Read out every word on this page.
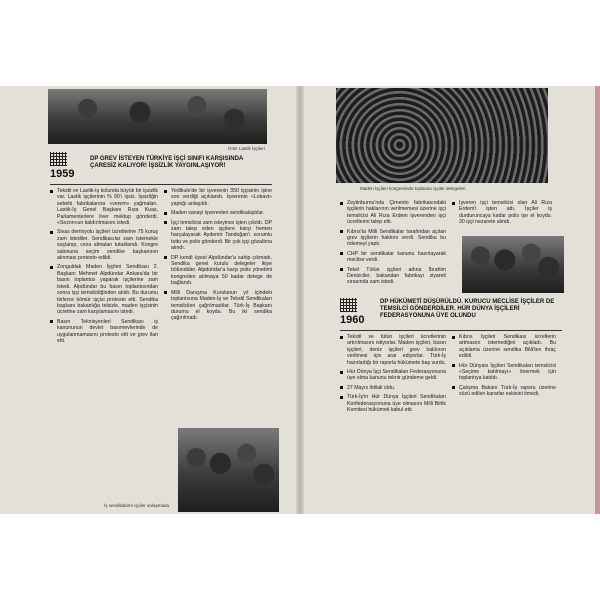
İzmir Lastik İşçileri
1959
DP GREV İSTEYEN TÜRKİYE İŞÇİ SINIFI KARŞISINDA ÇARESİZ KALIYOR! İŞSİZLİK YAYGINLAŞIYOR!
Tekstil ve Lastik-İş kolunda büyük bir işsizlik var. Lastik işçilerinin % 90'ı işsiz. İşsizliğin sebebi fabrikalarına «verem» yağmaları. Lastik-İş Genel Başkanı Rıza Kuas, Parlamenterlere liver mektup gönderdi. «Sezon»un kaldırılmasını istedi.
Sivas demiryolu işçileri ücretlerine 75 kuruş zam istediler. Sendikacılar zam istemekle suçlanıp, ceza almaları tutuklandı. Kongre salonuna seçim sendike başkanının alınması protesto edildi.
Zonguldak Maden İşçileri Sendikası 2. Başkanı Mehmet Alpdündar Ankara'da bir basın toplantısı yaparak işçilerine zam istedi. Alpdündar bu basın toplantısından sonra işçi temsilciliğinden atıldı. Bu durumu birlerce kömür işçisi protesto etti. Sendika başkanı bakanlığa telsizle, maden işçisinin ücretine zam karşılamasını istedi.
Basın Teknisyenleri Sendikası iş kanununun devlet basımevlerinde de uygulanmamasını protesto etti ve grev ilan etti.
Yedikule'de bir işverenin 350 işçisinin işine son verdiği açıklandı. İşverenin «Lokavt» yaptığı anlaşıldı.
Maden sanayi işverenleri sendikalaştılar.
İşçi temsilcisi zam isteyince işten çıkıldı. DP zam talep eden işçilere karşı hemen harçalayarak Aydemir Tandoğan'ı sorumlu tuttu ve polis gönderdi. Bir çok işçi gözaltına alındı.
DP kendi üyesi Alpdündar'a sahip çıkmadı. Sendika genel kurulu delegeler ikiye bölündüler. Alpdündar'a karşı polis yönetimi kongreden atılmaya 50 kadar delege de bağlandı.
Milli Danışma Kurulunun yıl içindeki toplantısına Maden-İş ve Tekstil Sendikaları temsilcileri çağrılmadılar. Türk-İş Başkanı durumu el koydu. Bu iki sendika çağırılmadı.
İş sendikaların işçiler anlaşmada
Maden İşçileri kongresinde toplanan işçiler delegeleri
Zeytinburnu'nda Çimento fabrikasındaki işçilerin haklarının verilmemesi üzerine işçi temsilcisi Ali Rıza Erdem işverenden işçi ücretlerini talep etti.
Kıbrıs'ta Milli Sendikalar tarafından açılan grev işçilerin hakkını verdi. Sendika bu ödemeyi yaptı.
CHP bir sendikalar kanunu hazırlayarak meclise verdi.
Tekel Tütün işçileri adına İbrahim Denizciler, bakandan fabrikayı ziyareti sırasında zam istedi.
İşveren işçi temsilcisi olan Ali Rıza Erdem'i işten attı. İşçiler iş durduruncaya kadar polis işe el koydu. 30 işçi nezarete alındı.
1960
DP HÜKÜMETİ DÜŞÜRÜLDÜ. KURUCU MECLİSE İŞÇİLER DE TEMSİLCİ GÖNDERDİLER. HÜR DÜNYA İŞÇİLERİ FEDERASYONUNA ÜYE OLUNDU
Tekstil ve tütün işçileri ücretlerinin artırılmasını istiyorlar. Maden işçileri, basın işçileri, deniz işçileri grev hakkının verilmesi için arar ediyorlar. Türk-İş hazırladığı bir raporla hükümete baş vurdu.
Hür Dünya İşçi Sendikaları Federasyonuna üye olma kanunu teknir gündeme geldi.
27 Mayıs ihtilali oldu.
Türk-İş'in Hür Dünya İşçileri Sendikaları Konfederasyonuna üye olmasını Milli Birlik Komitesi hükümeti kabul etti.
Kıbrıs İşçileri Sendikası ücretlerin artmasını istemediğini açıkladı. Bu açıklama üzerine sendika Bilâ'ten ihraç edildi.
Hür Dünyası İşçileri Sendikaları temsilcisi «Seçime katılmayı» önermek için toplantıya katıldı.
Çalışma Bakanı Türk-İş raporu üzerine sözü edilen kararlar eskisini itmedi.
